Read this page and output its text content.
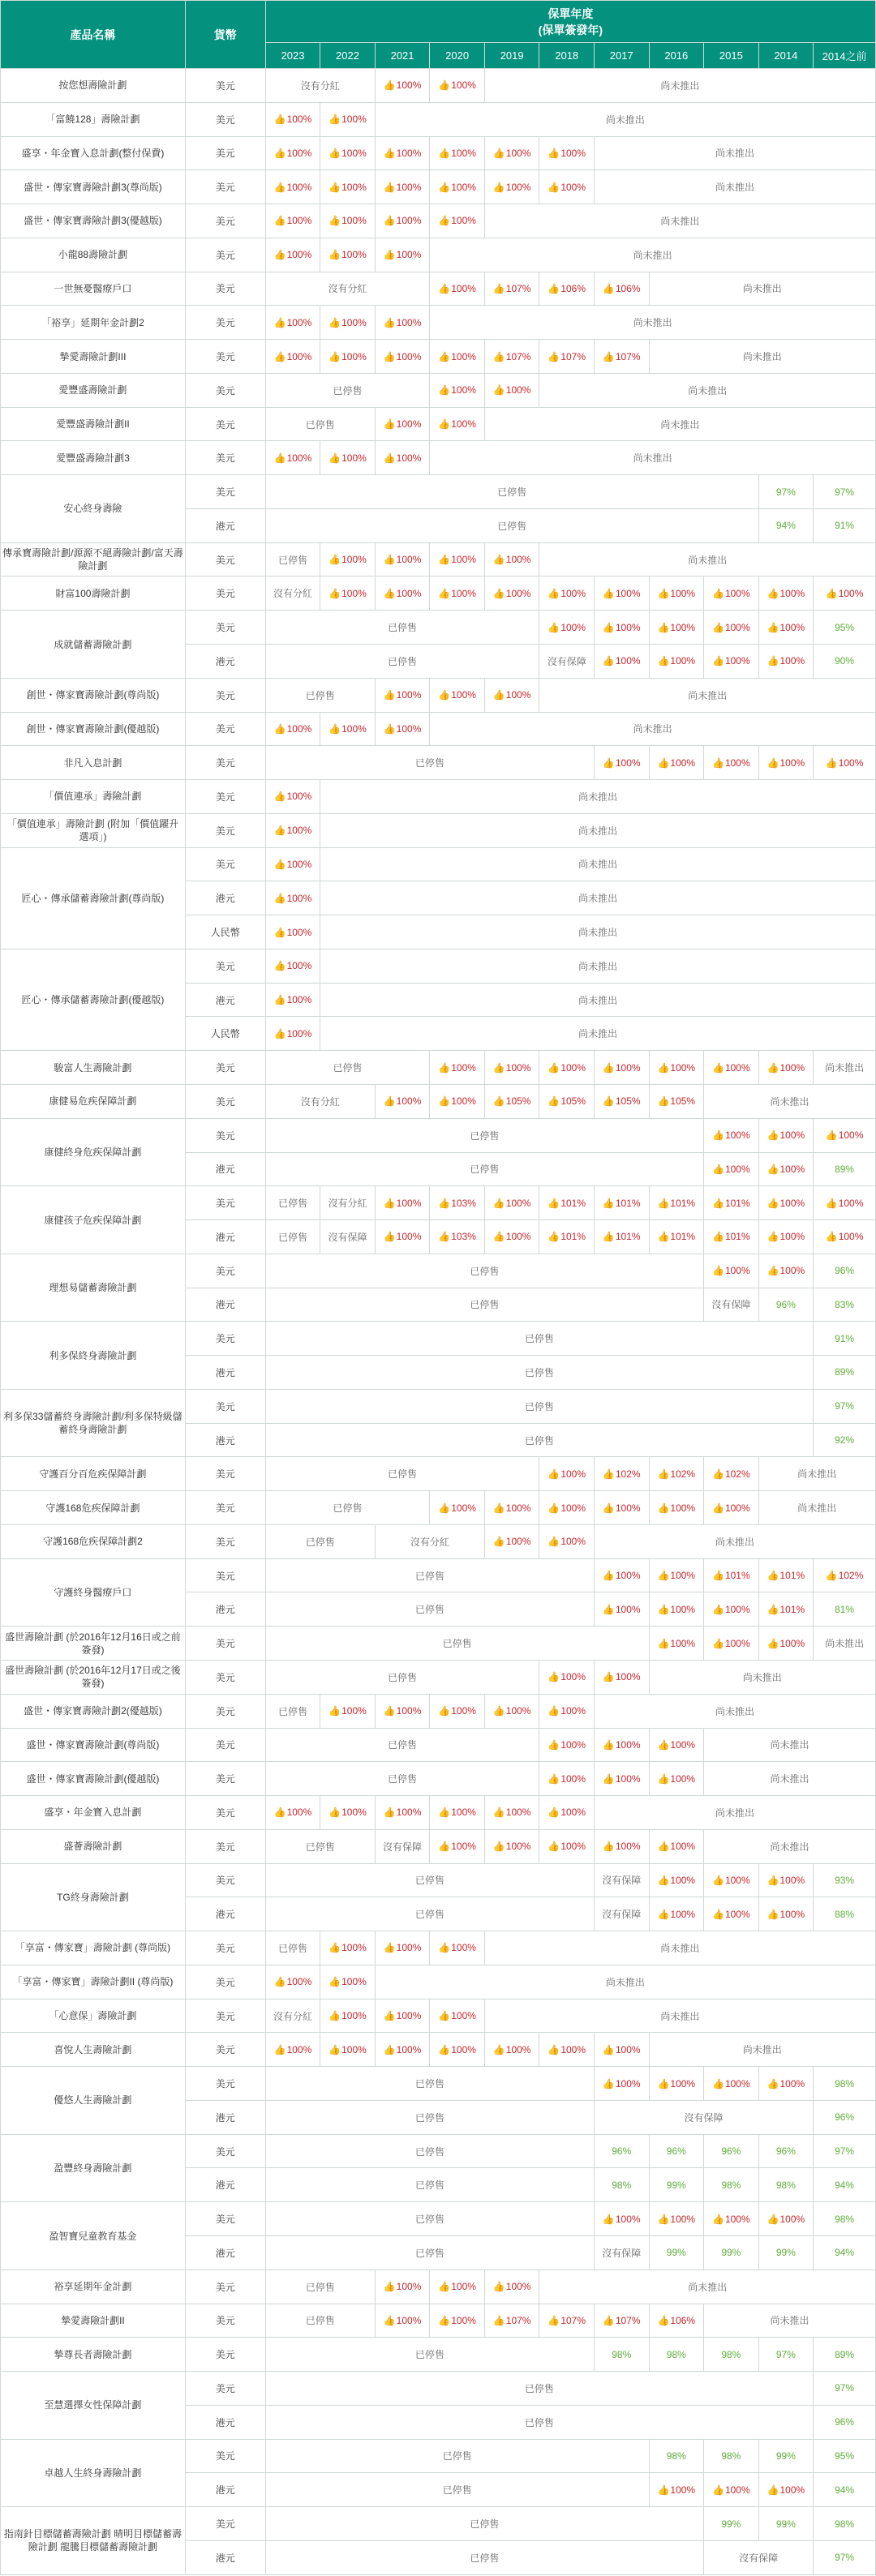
產品名稱	貨幣	保單年度
(保單簽發年)										

		2023	2022	2021	2020	2019	2018	2017	2016	2015	2014	2014之前
按您想壽險計劃	美元	沒有分紅		👍100%	👍100%	尚未推出						
「富饒128」壽險計劃	美元	👍100%	👍100%	尚未推出								
盛享・年金寶入息計劃(整付保費)	美元	👍100%	👍100%	👍100%	👍100%	👍100%	👍100%	尚未推出				
盛世・傳家寶壽險計劃3(尊尚版)	美元	👍100%	👍100%	👍100%	👍100%	👍100%	👍100%	尚未推出				
盛世・傳家寶壽險計劃3(優越版)	美元	👍100%	👍100%	👍100%	👍100%	尚未推出						
小龍88壽險計劃	美元	👍100%	👍100%	👍100%	尚未推出							
一世無憂醫療戶口	美元	沒有分紅			👍100%	👍107%	👍106%	👍106%	尚未推出			
「裕享」延期年金計劃2	美元	👍100%	👍100%	👍100%	尚未推出							
摯愛壽險計劃III	美元	👍100%	👍100%	👍100%	👍100%	👍107%	👍107%	👍107%	尚未推出			
愛豐盛壽險計劃	美元	已停售			👍100%	👍100%	尚未推出					
愛豐盛壽險計劃II	美元	已停售		👍100%	👍100%	尚未推出						
愛豐盛壽險計劃3	美元	👍100%	👍100%	👍100%	尚未推出							
安心終身壽險	美元	已停售									97%	97%
	港元	已停售									94%	91%
傳承寶壽險計劃/源源不絕壽險計劃/富天壽險計劃	美元	已停售	👍100%	👍100%	👍100%	👍100%	尚未推出					
財富100壽險計劃	美元	沒有分紅	👍100%	👍100%	👍100%	👍100%	👍100%	👍100%	👍100%	👍100%	👍100%	👍100%
成就儲蓄壽險計劃	美元	已停售					👍100%	👍100%	👍100%	👍100%	👍100%	95%
	港元	已停售					沒有保障	👍100%	👍100%	👍100%	👍100%	90%
創世・傳家寶壽險計劃(尊尚版)	美元	已停售		👍100%	👍100%	👍100%	尚未推出					
創世・傳家寶壽險計劃(優越版)	美元	👍100%	👍100%	👍100%	尚未推出							
非凡入息計劃	美元	已停售						👍100%	👍100%	👍100%	👍100%	👍100%
「價值連承」壽險計劃	美元	👍100%	尚未推出									
「價值連承」壽險計劃 (附加「價值躍升選項」)	美元	👍100%	尚未推出									
匠心・傳承儲蓄壽險計劃(尊尚版)	美元	👍100%	尚未推出									
	港元	👍100%	尚未推出									
	人民幣	👍100%	尚未推出									
匠心・傳承儲蓄壽險計劃(優越版)	美元	👍100%	尚未推出									
	港元	👍100%	尚未推出									
	人民幣	👍100%	尚未推出									
駿富人生壽險計劃	美元	已停售			👍100%	👍100%	👍100%	👍100%	👍100%	👍100%	👍100%	尚未推出
康健易危疾保障計劃	美元	沒有分紅		👍100%	👍100%	👍105%	👍105%	👍105%	👍105%	尚未推出		
康健終身危疾保障計劃	美元	已停售								👍100%	👍100%	👍100%
	港元	已停售								👍100%	👍100%	89%
康健孩子危疾保障計劃	美元	已停售	沒有分紅	👍100%	👍103%	👍100%	👍101%	👍101%	👍101%	👍101%	👍100%	👍100%
	港元	已停售	沒有保障	👍100%	👍103%	👍100%	👍101%	👍101%	👍101%	👍101%	👍100%	👍100%
理想易儲蓄壽險計劃	美元	已停售								👍100%	👍100%	96%
	港元	已停售								沒有保障	96%	83%
利多保終身壽險計劃	美元	已停售										91%
	港元	已停售										89%
利多保33儲蓄終身壽險計劃/利多保特級儲蓄終身壽險計劃	美元	已停售										97%
	港元	已停售										92%
守護百分百危疾保障計劃	美元	已停售					👍100%	👍102%	👍102%	👍102%	尚未推出	
守護168危疾保障計劃	美元	已停售			👍100%	👍100%	👍100%	👍100%	👍100%	👍100%	尚未推出	
守護168危疾保障計劃2	美元	已停售		沒有分紅		👍100%	👍100%	尚未推出				
守護終身醫療戶口	美元	已停售						👍100%	👍100%	👍101%	👍101%	👍102%
	港元	已停售						👍100%	👍100%	👍100%	👍101%	81%
盛世壽險計劃 (於2016年12月16日或之前簽發)	美元	已停售							👍100%	👍100%	👍100%	尚未推出
盛世壽險計劃 (於2016年12月17日或之後簽發)	美元	已停售					👍100%	👍100%	尚未推出			
盛世・傳家寶壽險計劃2(優越版)	美元	已停售	👍100%	👍100%	👍100%	👍100%	👍100%	尚未推出				
盛世・傳家寶壽險計劃(尊尚版)	美元	已停售					👍100%	👍100%	👍100%	尚未推出		
盛世・傳家寶壽險計劃(優越版)	美元	已停售					👍100%	👍100%	👍100%	尚未推出		
盛享・年金寶入息計劃	美元	👍100%	👍100%	👍100%	👍100%	👍100%	👍100%	尚未推出				
盛薈壽險計劃	美元	已停售		沒有保障	👍100%	👍100%	👍100%	👍100%	👍100%	尚未推出		
TG終身壽險計劃	美元	已停售						沒有保障	👍100%	👍100%	👍100%	93%
	港元	已停售						沒有保障	👍100%	👍100%	👍100%	88%
「享富・傳家寶」壽險計劃 (尊尚版)	美元	已停售	👍100%	👍100%	👍100%	尚未推出						
「享富・傳家寶」壽險計劃II (尊尚版)	美元	👍100%	👍100%	尚未推出								
「心意保」壽險計劃	美元	沒有分紅	👍100%	👍100%	👍100%	尚未推出						
喜悅人生壽險計劃	美元	👍100%	👍100%	👍100%	👍100%	👍100%	👍100%	👍100%	尚未推出			
優悠人生壽險計劃	美元	已停售						👍100%	👍100%	👍100%	👍100%	98%
	港元	已停售						沒有保障				96%
盈豐終身壽險計劃	美元	已停售						96%	96%	96%	96%	97%
	港元	已停售						98%	99%	98%	98%	94%
盈智寶兒童教育基金	美元	已停售						👍100%	👍100%	👍100%	👍100%	98%
	港元	已停售						沒有保障	99%	99%	99%	94%
裕享延期年金計劃	美元	已停售		👍100%	👍100%	👍100%	尚未推出					
摯愛壽險計劃II	美元	已停售		👍100%	👍100%	👍107%	👍107%	👍107%	👍106%	尚未推出		
摯尊長者壽險計劃	美元	已停售						98%	98%	98%	97%	89%
至慧選擇女性保障計劃	美元	已停售										97%
	港元	已停售										96%
卓越人生終身壽險計劃	美元	已停售							98%	98%	99%	95%
	港元	已停售							👍100%	👍100%	👍100%	94%
指南針目標儲蓄壽險計劃 晴明目標儲蓄壽險計劃 龍騰目標儲蓄壽險計劃	美元	已停售								99%	99%	98%
	港元	已停售								沒有保障		97%
